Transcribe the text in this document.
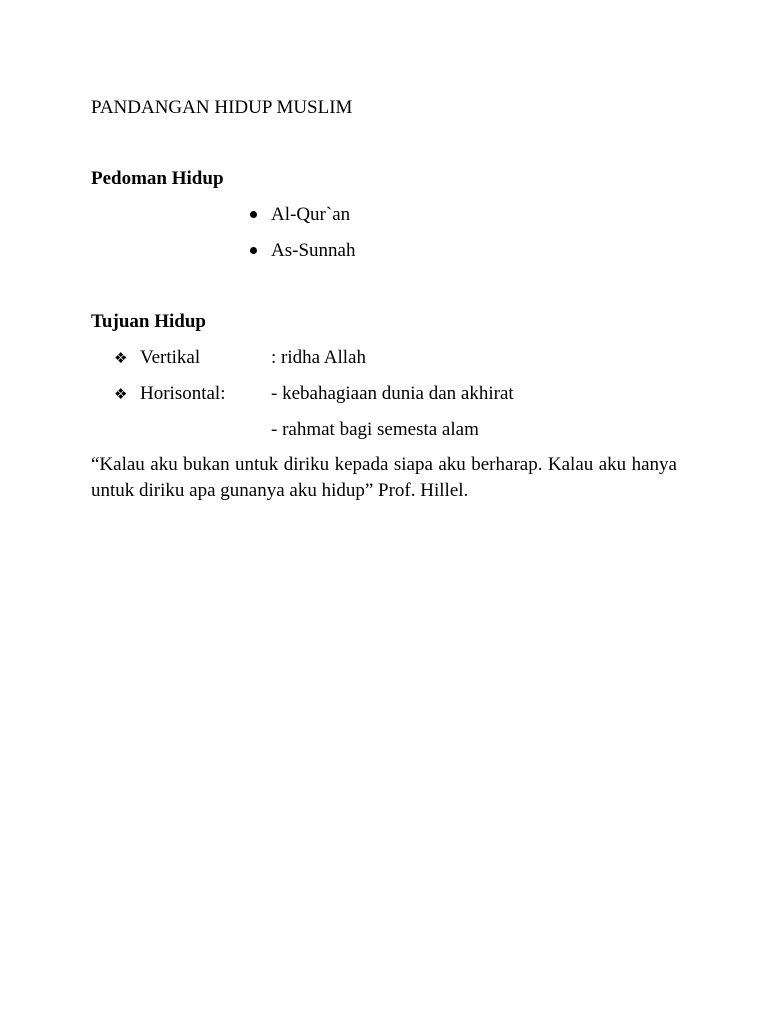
PANDANGAN HIDUP MUSLIM
Pedoman Hidup
Al-Qur`an
As-Sunnah
Tujuan Hidup
❖ Vertikal	: ridha Allah
❖ Horisontal: - kebahagiaan dunia dan akhirat
- rahmat bagi semesta alam
“Kalau aku bukan untuk diriku kepada siapa aku berharap. Kalau aku hanya untuk diriku apa gunanya aku hidup” Prof. Hillel.
